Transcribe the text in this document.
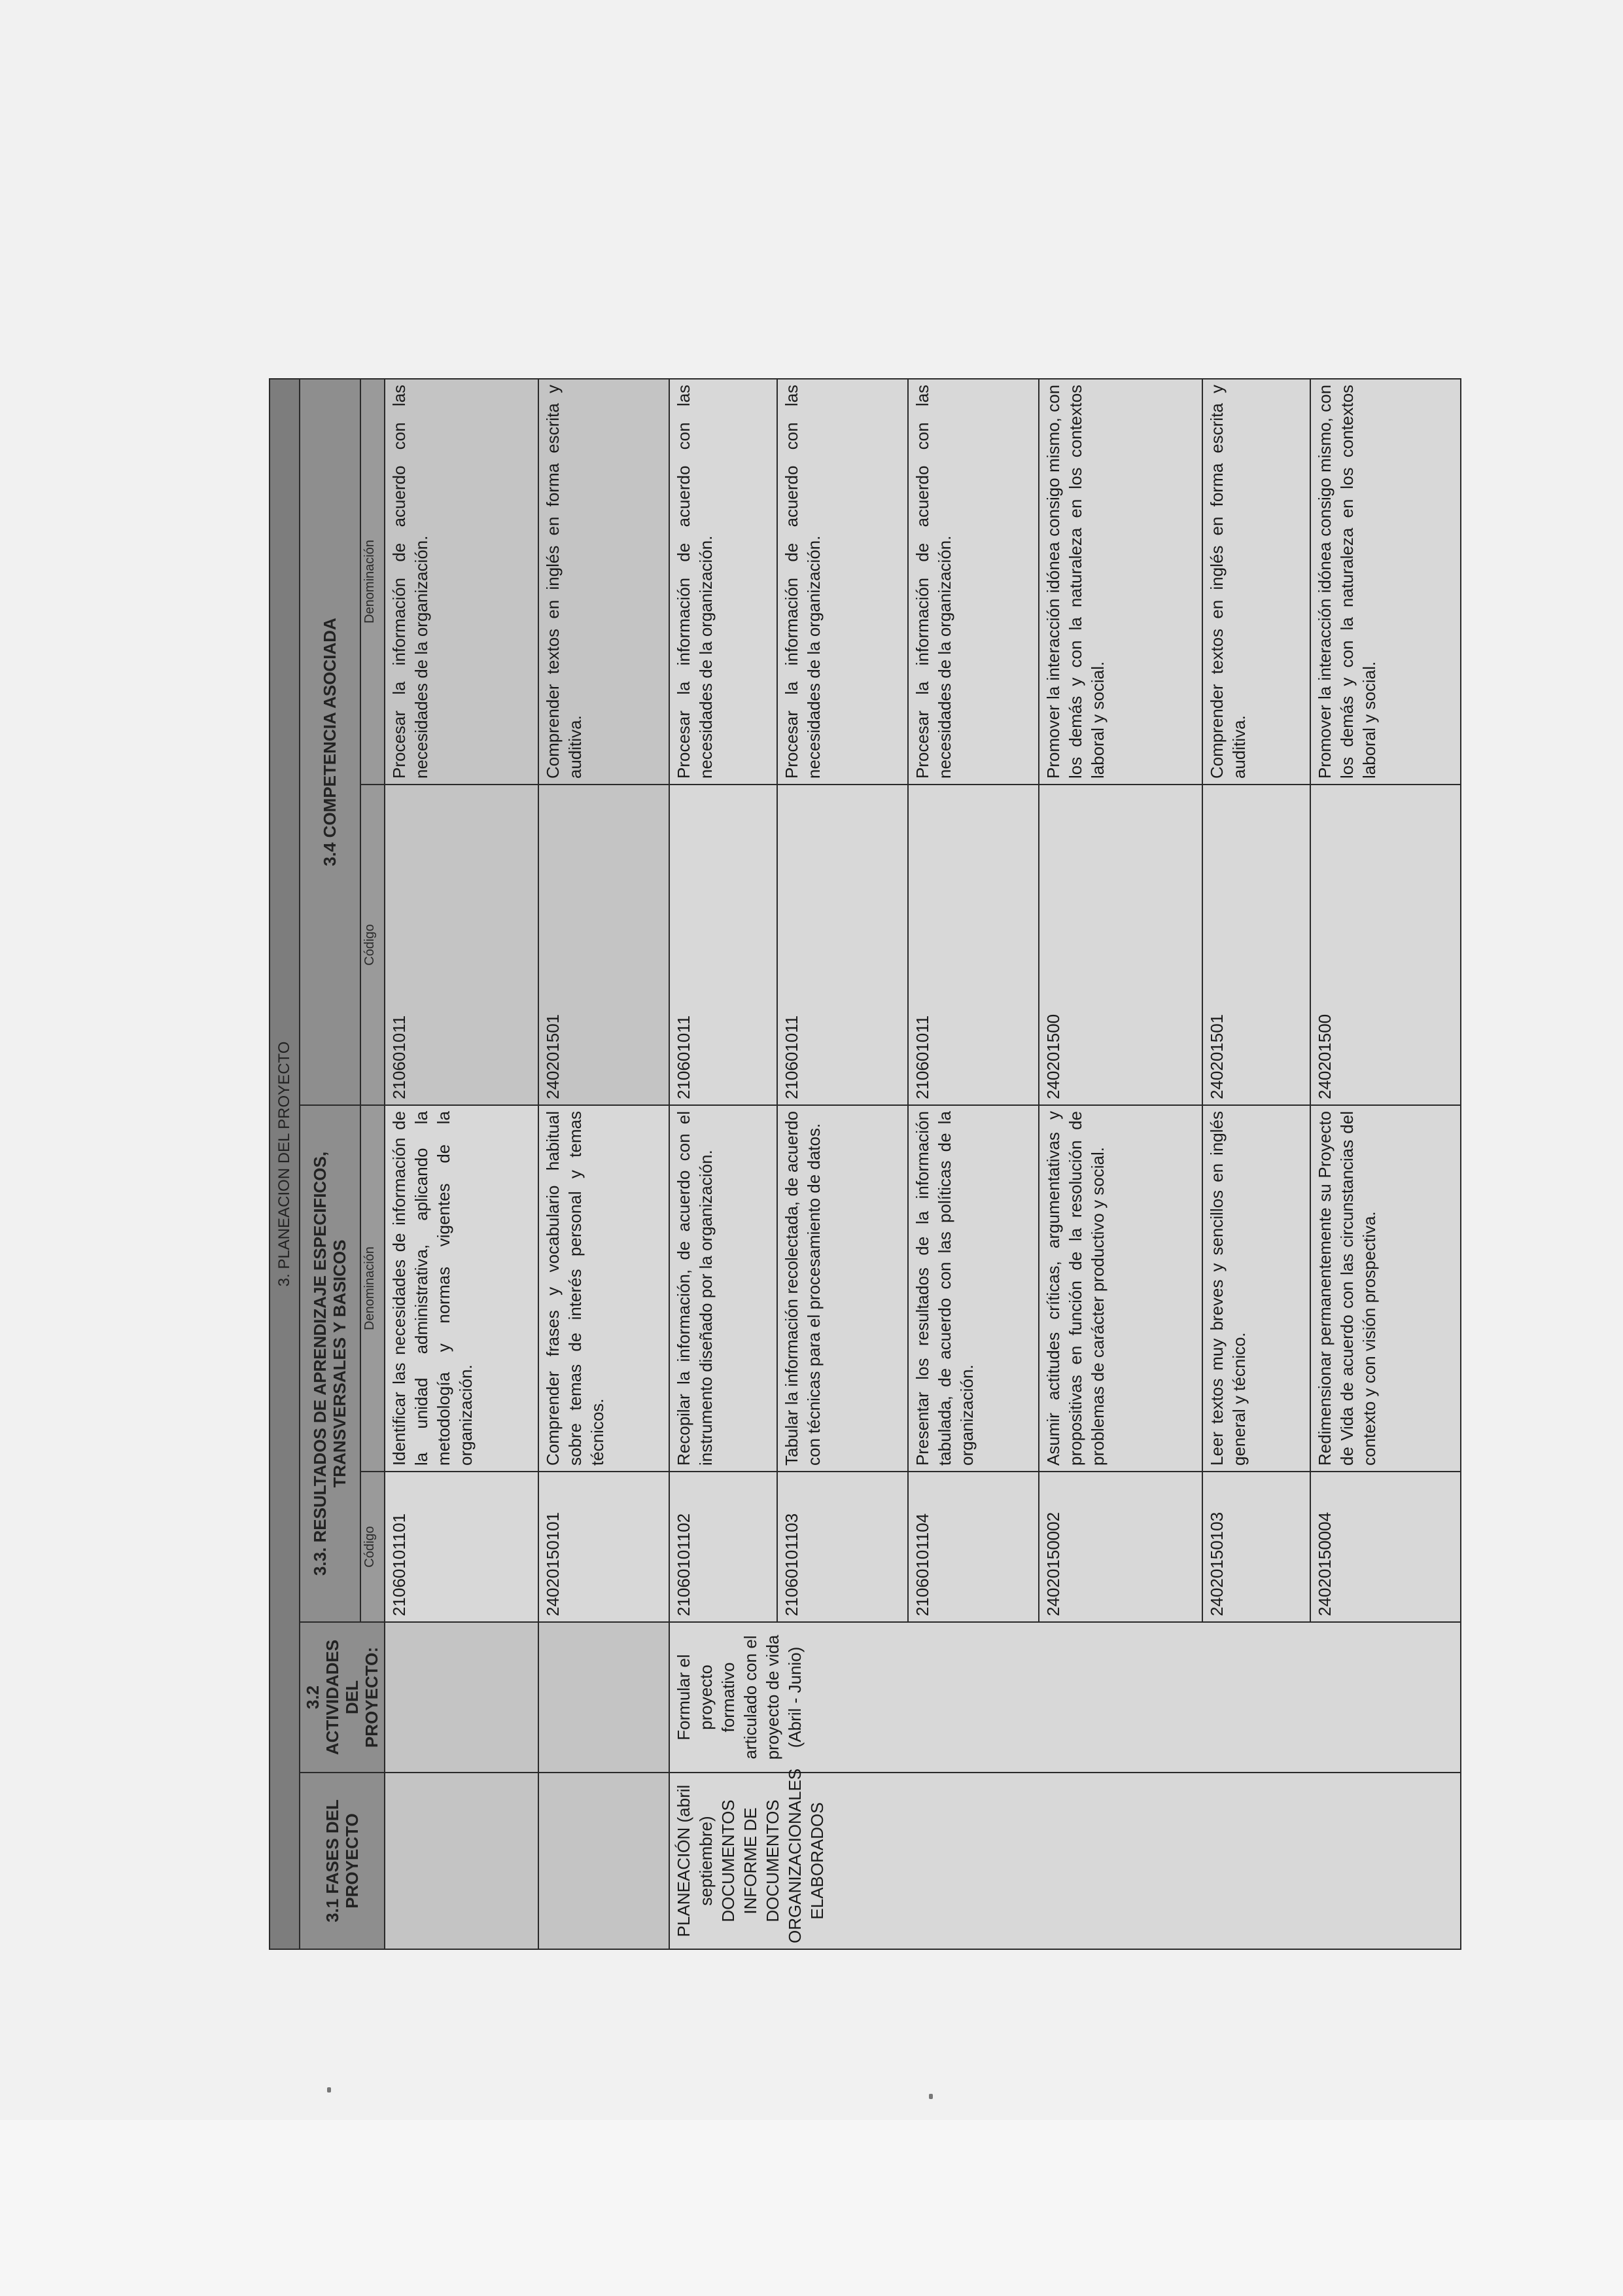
3. PLANEACION DEL PROYECTO					
3.1 FASES DEL PROYECTO	3.2 ACTIVIDADES DEL PROYECTO:	3.3. RESULTADOS DE APRENDIZAJE ESPECIFICOS, TRANSVERSALES Y BASICOS		3.4 COMPETENCIA ASOCIADA	
		Código	Denominación	Código	Denominación
		21060101101	Identificar las necesidades de información de la unidad administrativa, aplicando la metodología y normas vigentes de la organización.	210601011	Procesar la información de acuerdo con las necesidades de la organización.
		24020150101	Comprender frases y vocabulario habitual sobre temas de interés personal y temas técnicos.	240201501	Comprender textos en inglés en forma escrita y auditiva.
PLANEACIÓN (abril septiembre) DOCUMENTOS INFORME DE DOCUMENTOS ORGANIZACIONALES ELABORADOS	Formular el proyecto formativo articulado con el proyecto de vida (Abril - Junio)	21060101102	Recopilar la información, de acuerdo con el instrumento diseñado por la organización.	210601011	Procesar la información de acuerdo con las necesidades de la organización.
		21060101103	Tabular la información recolectada, de acuerdo con técnicas para el procesamiento de datos.	210601011	Procesar la información de acuerdo con las necesidades de la organización.
		21060101104	Presentar los resultados de la información tabulada, de acuerdo con las políticas de la organización.	210601011	Procesar la información de acuerdo con las necesidades de la organización.
		24020150002	Asumir actitudes críticas, argumentativas y propositivas en función de la resolución de problemas de carácter productivo y social.	240201500	Promover la interacción idónea consigo mismo, con los demás y con la naturaleza en los contextos laboral y social.
		24020150103	Leer textos muy breves y sencillos en inglés general y técnico.	240201501	Comprender textos en inglés en forma escrita y auditiva.
		24020150004	Redimensionar permanentemente su Proyecto de Vida de acuerdo con las circunstancias del contexto y con visión prospectiva.	240201500	Promover la interacción idónea consigo mismo, con los demás y con la naturaleza en los contextos laboral y social.
